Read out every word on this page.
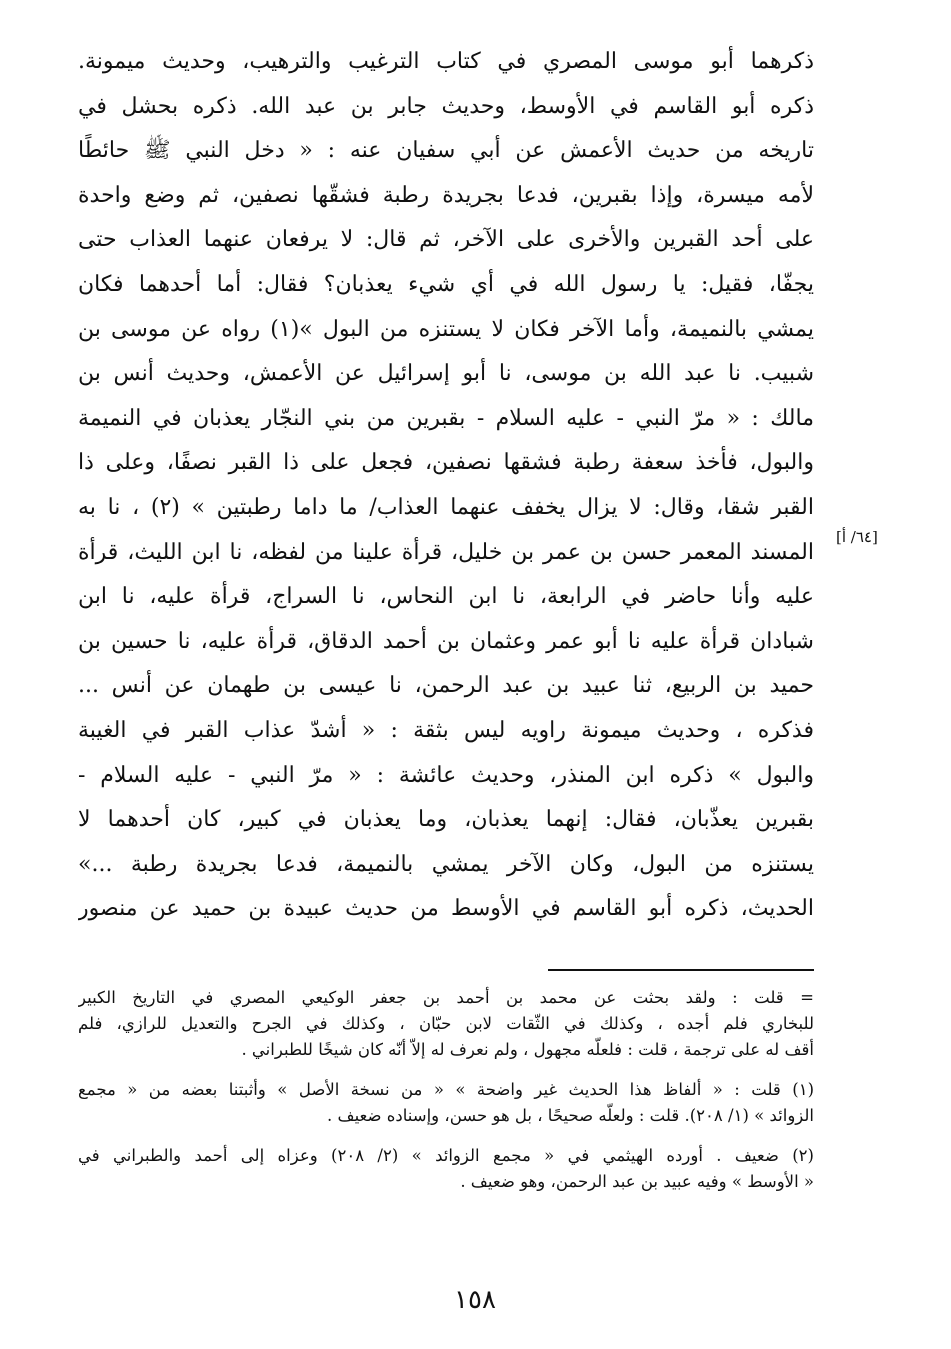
ذكرهما أبو موسى المصري في كتاب الترغيب والترهيب، وحديث ميمونة.
ذكره أبو القاسم في الأوسط، وحديث جابر بن عبد الله. ذكره بحشل في
تاريخه من حديث الأعمش عن أبي سفيان عنه : « دخل النبي ﷺ حائطًا
لأمه ميسرة، وإذا بقبرين، فدعا بجريدة رطبة فشقّها نصفين، ثم وضع واحدة
على أحد القبرين والأخرى على الآخر، ثم قال: لا يرفعان عنهما العذاب حتى
يجفّا، فقيل: يا رسول الله في أي شيء يعذبان؟ فقال: أما أحدهما فكان
يمشي بالنميمة، وأما الآخر فكان لا يستنزه من البول »(١) رواه عن موسى بن
شبيب. نا عبد الله بن موسى، نا أبو إسرائيل عن الأعمش، وحديث أنس بن
مالك : « مرّ النبي - عليه السلام - بقبرين من بني النجّار يعذبان في النميمة
والبول، فأخذ سعفة رطبة فشقها نصفين، فجعل على ذا القبر نصفًا، وعلى ذا
القبر شقا، وقال: لا يزال يخفف عنهما العذاب/ ما داما رطبتين » (٢) ، نا به
المسند المعمر حسن بن عمر بن خليل، قرأة علينا من لفظه، نا ابن الليث، قرأة
عليه وأنا حاضر في الرابعة، نا ابن النحاس، نا السراج، قرأة عليه، نا ابن
شبادان قرأة عليه نا أبو عمر وعثمان بن أحمد الدقاق، قرأة عليه، نا حسين بن
حميد بن الربيع، ثنا عبيد بن عبد الرحمن، نا عيسى بن طهمان عن أنس ...
فذكره ، وحديث ميمونة راويه ليس بثقة : « أشدّ عذاب القبر في الغيبة
والبول » ذكره ابن المنذر، وحديث عائشة : « مرّ النبي - عليه السلام -
بقبرين يعذّبان، فقال: إنهما يعذبان، وما يعذبان في كبير، كان أحدهما لا
يستنزه من البول، وكان الآخر يمشي بالنميمة، فدعا بجريدة رطبة ...»
الحديث، ذكره أبو القاسم في الأوسط من حديث عبيدة بن حميد عن منصور
[٦٤/ أ]
= قلت : ولقد بحثت عن محمد بن أحمد بن جعفر الوكيعي المصري في التاريخ الكبير
للبخاري فلم أجده ، وكذلك في الثّقات لابن حبّان ، وكذلك في الجرح والتعديل للرازي، فلم
أقف له على ترجمة ، قلت : فلعلّه مجهول ، ولم نعرف له إلاّ أنّه كان شيخًا للطبراني .
(١) قلت : « ألفاظ هذا الحديث غير واضحة » « من نسخة الأصل » وأثبتنا بعضه من « مجمع
الزوائد » (١/ ٢٠٨). قلت : ولعلّه صحيحًا ، بل هو حسن، وإسناده ضعيف .
(٢) ضعيف . أورده الهيثمي في « مجمع الزوائد » (٢/ ٢٠٨) وعزاه إلى أحمد والطبراني في
« الأوسط » وفيه عبيد بن عبد الرحمن، وهو ضعيف .
١٥٨
